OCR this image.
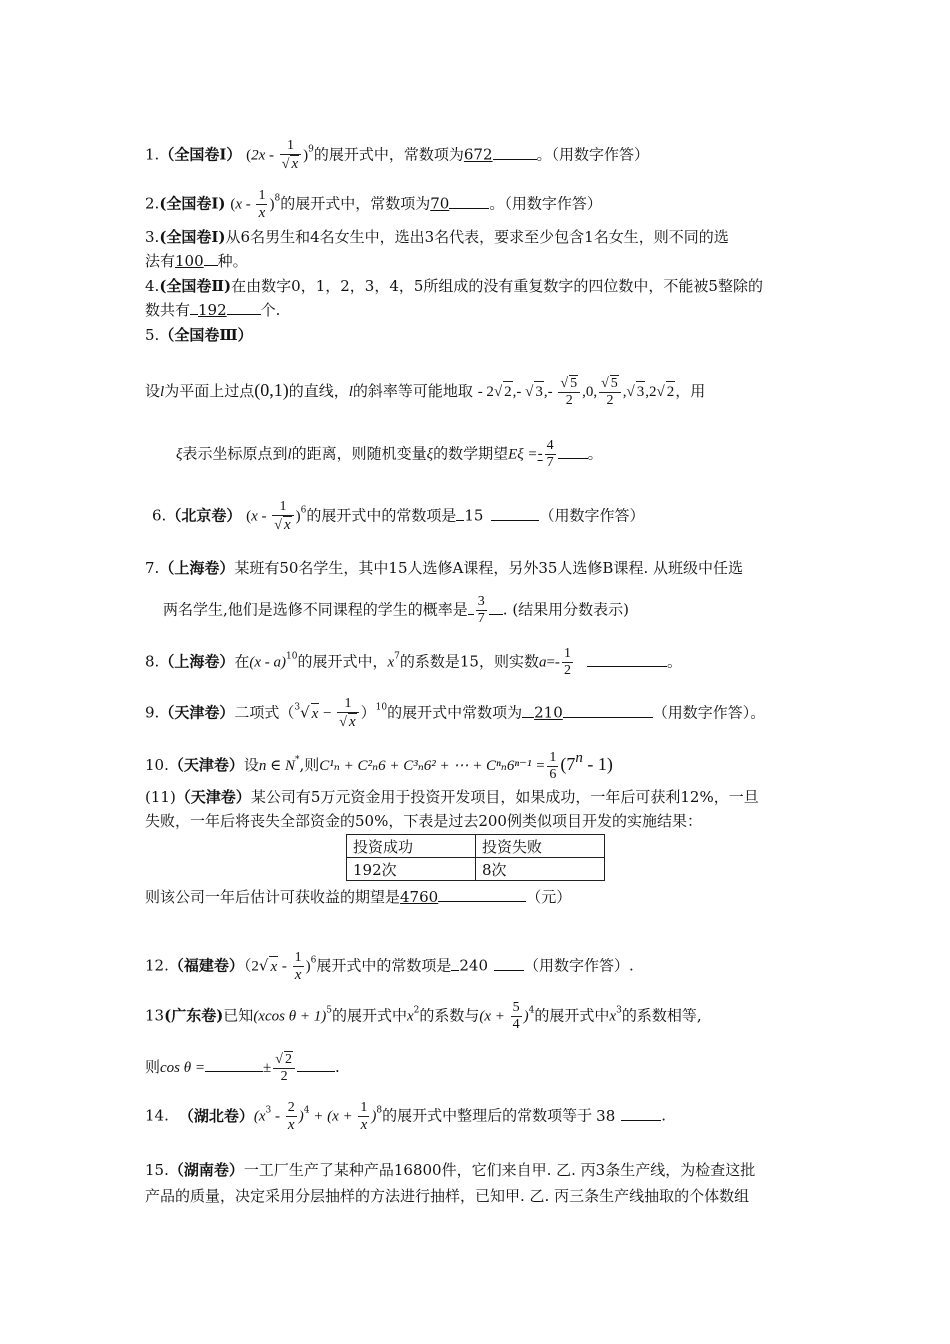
1.（全国卷Ⅰ） $(2x - \frac{1}{√ x} )^9$的展开式中，常数项为672	。（用数字作答）
2.(全国卷Ⅰ) $(x - \frac{1}{x} )^8$的展开式中，常数项为70	。（用数字作答）
3.(全国卷Ⅰ)从6名男生和4名女生中，选出3名代表，要求至少包含1名女生，则不同的选
法有100 种。
4.(全国卷Ⅱ)在由数字0，1，2，3，4，5所组成的没有重复数字的四位数中，不能被5整除的
数共有 192 个.
5.（全国卷Ⅲ）
设l为平面上过点(0,1)的直线，l的斜率等可能地取 - 2√ 2,- √ $3,- \frac{√ 5}{2} ,0$, $\frac{√ 5}{2}$ ,√ 3,2√ 2，用
ξ表示坐标原点到l的距离，则随机变量ξ的数学期望$E\xi =- \frac{4}{7}$ 。
6.（北京卷） $(x - \frac{1}{√ x} )^6$的展开式中的常数项是 15	（用数字作答）
7.（上海卷）某班有50名学生，其中15人选修A课程，另外35人选修B课程. 从班级中任选
两名学生,他们是选修不同课程的学生的概率是 $\frac{3}{7}$ . (结果用分数表示)
8.（上海卷）在(x - a)$^{10}$的展开式中，$x^7$的系数是15，则实数$a=- \frac{1}{2}$	。
9.（天津卷）二项式（$^3$√ $x - \frac{1}{√ x} )^{10}$的展开式中常数项为 210	（用数字作答）。
10.（天津卷）设n ∈ N*,则C¹ₙ + C²ₙ6 + C³ₙ6² + ⋯ + $C^n_n6^{n-1} = \frac{1}{6} (7^n - 1)$
(11)（天津卷）某公司有5万元资金用于投资开发项目，如果成功，一年后可获利12%，一旦
失败，一年后将丧失全部资金的50%，下表是过去200例类似项目开发的实施结果：
投资成功	投资失败
192次	8次
则该公司一年后估计可获收益的期望是4760	（元）
12.（福建卷）（2√ x - $\frac{1}{x} )^6$展开式中的常数项是 240 （用数字作答）.
13(广东卷)已知(xcos θ + 1)$^5$的展开式中$x^2$的系数与$(x + \frac{5}{4} )^4$的展开式中$x^3$的系数相等,
则cos θ =	± $\frac{√ 2}{2}$	.
14. （湖北卷）$(x^3 - \frac{2}{x} )^4 + (x + \frac{1}{x} )^8$的展开式中整理后的常数项等于 38	.
15.（湖南卷）一工厂生产了某种产品16800件，它们来自甲. 乙. 丙3条生产线，为检查这批
产品的质量，决定采用分层抽样的方法进行抽样，已知甲. 乙. 丙三条生产线抽取的个体数组
